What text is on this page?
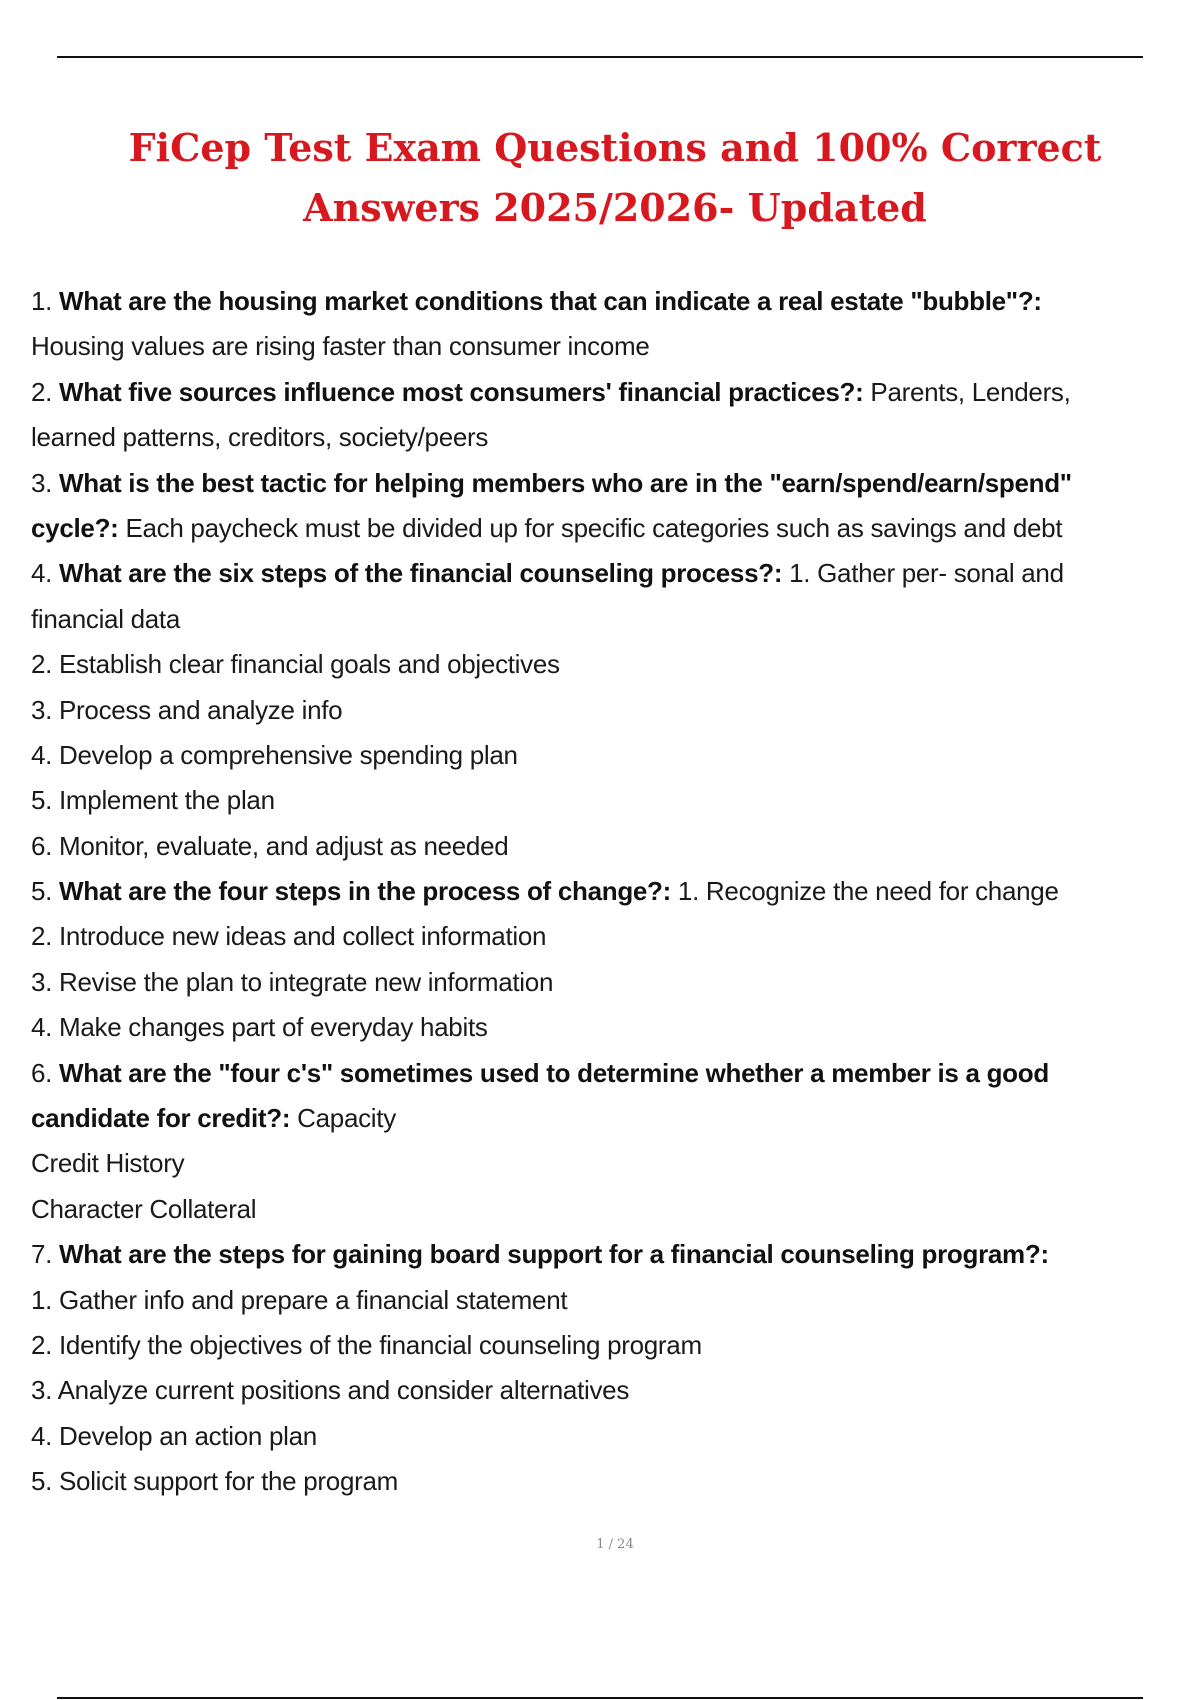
FiCep Test Exam Questions and 100% Correct Answers 2025/2026- Updated
1. What are the housing market conditions that can indicate a real estate "bubble"?:
Housing values are rising faster than consumer income
2. What five sources influence most consumers' financial practices?: Parents, Lenders,
learned patterns, creditors, society/peers
3. What is the best tactic for helping members who are in the "earn/spend/earn/spend"
cycle?: Each paycheck must be divided up for specific categories such as savings and debt
4. What are the six steps of the financial counseling process?: 1. Gather per- sonal and
financial data
2. Establish clear financial goals and objectives
3. Process and analyze info
4. Develop a comprehensive spending plan
5. Implement the plan
6. Monitor, evaluate, and adjust as needed
5. What are the four steps in the process of change?: 1. Recognize the need for change
2. Introduce new ideas and collect information
3. Revise the plan to integrate new information
4. Make changes part of everyday habits
6. What are the "four c's" sometimes used to determine whether a member is a good
candidate for credit?: Capacity
Credit History
Character Collateral
7. What are the steps for gaining board support for a financial counseling program?:
1. Gather info and prepare a financial statement
2. Identify the objectives of the financial counseling program
3. Analyze current positions and consider alternatives
4. Develop an action plan
5. Solicit support for the program
1 / 24
